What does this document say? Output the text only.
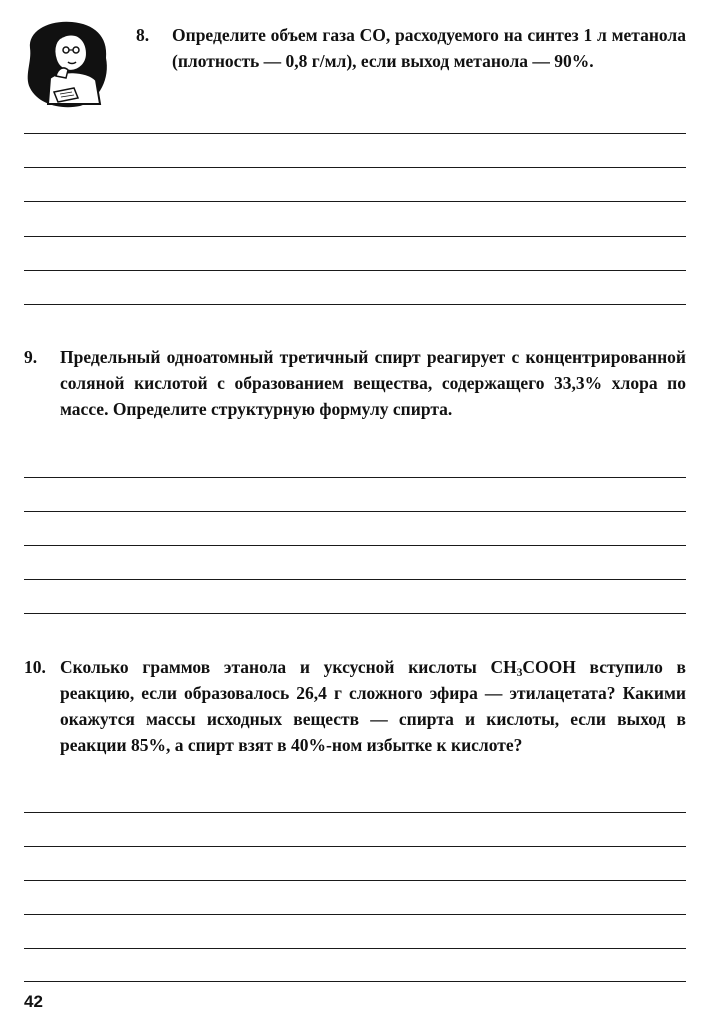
8. Определите объем газа CO, расходуемого на синтез 1 л метанола (плотность — 0,8 г/мл), если выход метанола — 90%.
9. Предельный одноатомный третичный спирт реагирует с концентрированной соляной кислотой с образованием вещества, содержащего 33,3% хлора по массе. Определите структурную формулу спирта.
10. Сколько граммов этанола и уксусной кислоты $CH_3COOH$ вступило в реакцию, если образовалось 26,4 г сложного эфира — этилацетата? Какими окажутся массы исходных веществ — спирта и кислоты, если выход в реакции 85%, а спирт взят в 40%-ном избытке к кислоте?
42
